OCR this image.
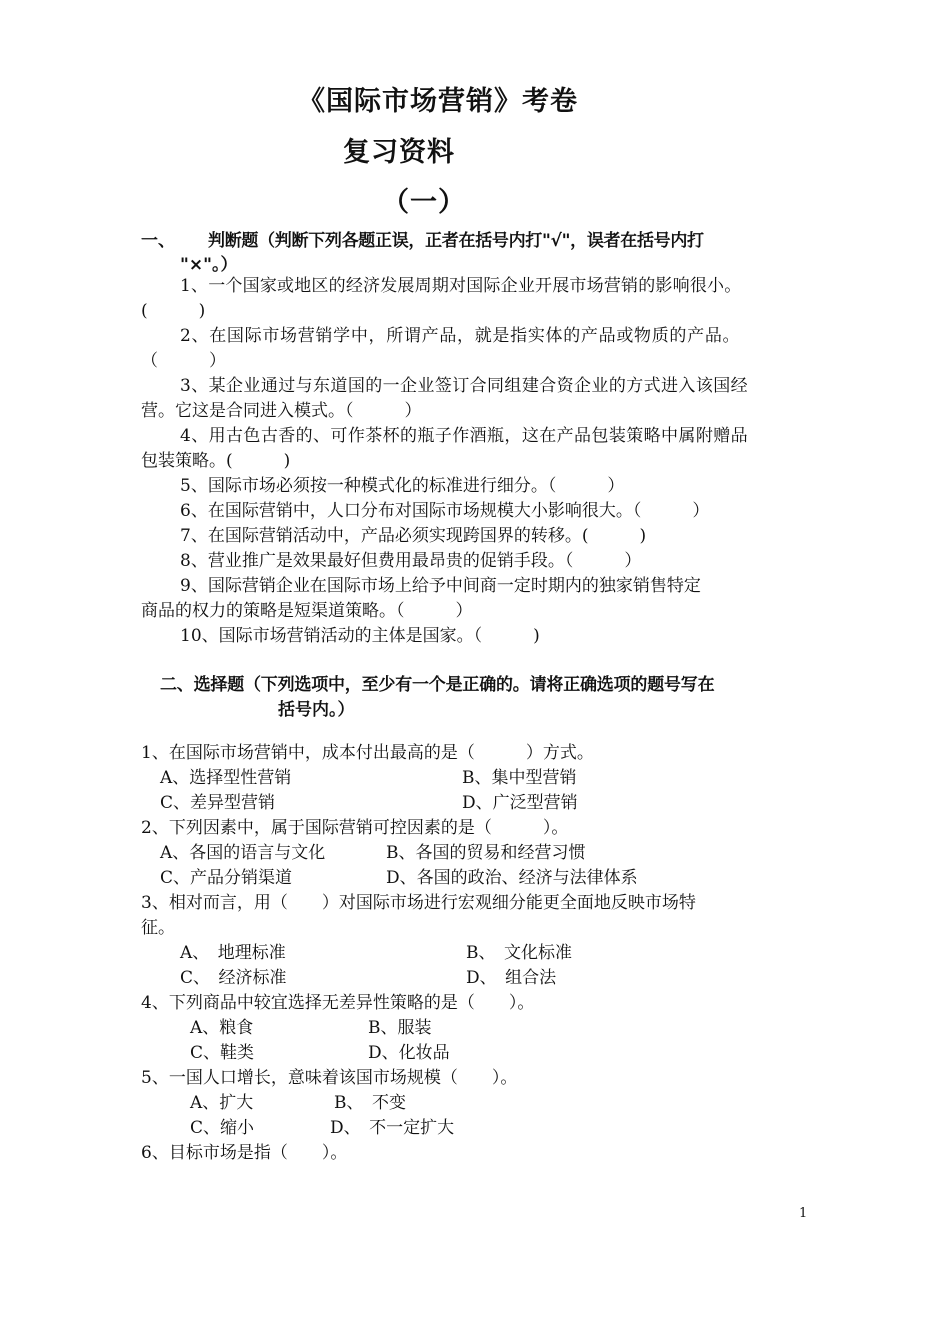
《国际市场营销》考卷
复习资料
（一）
一、 判断题（判断下列各题正误，正者在括号内打"√"，误者在括号内打
"×"。）
1、一个国家或地区的经济发展周期对国际企业开展市场营销的影响很小。
(　　　)
2、在国际市场营销学中，所谓产品，就是指实体的产品或物质的产品。
（　　　）
3、某企业通过与东道国的一企业签订合同组建合资企业的方式进入该国经
营。它这是合同进入模式。（　　　）
4、用古色古香的、可作茶杯的瓶子作酒瓶，这在产品包装策略中属附赠品
包装策略。(　　　)
5、国际市场必须按一种模式化的标准进行细分。（　　　）
6、在国际营销中，人口分布对国际市场规模大小影响很大。（　　　）
7、在国际营销活动中，产品必须实现跨国界的转移。(　　　)
8、营业推广是效果最好但费用最昂贵的促销手段。（　　　）
9、国际营销企业在国际市场上给予中间商一定时期内的独家销售特定
商品的权力的策略是短渠道策略。（　　　）
10、国际市场营销活动的主体是国家。（　　　)
二、选择题（下列选项中，至少有一个是正确的。请将正确选项的题号写在
括号内。）
1、在国际市场营销中，成本付出最高的是（　　　）方式。
A、选择型性营销	B、集中型营销
C、差异型营销	D、广泛型营销
2、下列因素中，属于国际营销可控因素的是（　　　）。
A、各国的语言与文化	B、各国的贸易和经营习惯
C、产品分销渠道	D、各国的政治、经济与法律体系
3、相对而言，用（　　）对国际市场进行宏观细分能更全面地反映市场特
征。
A、　地理标准	B、　文化标准
C、　经济标准	D、　组合法
4、下列商品中较宜选择无差异性策略的是（　　）。
A、粮食	B、服装
C、鞋类	D、化妆品
5、一国人口增长，意味着该国市场规模（　　）。
A、扩大	B、　不变
C、缩小	D、　不一定扩大
6、目标市场是指（　　）。
1
